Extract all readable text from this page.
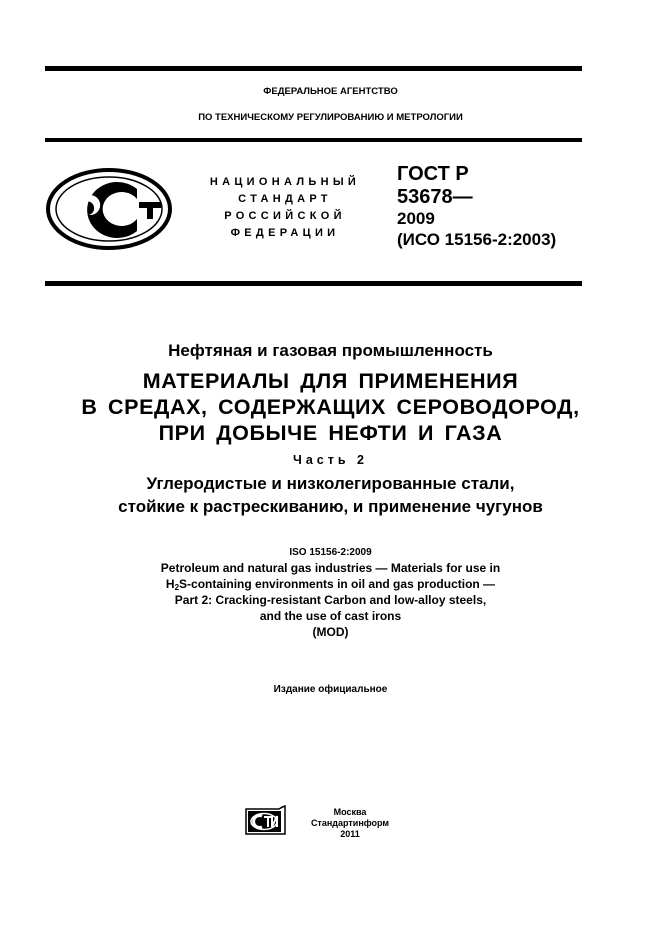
ФЕДЕРАЛЬНОЕ АГЕНТСТВО
ПО ТЕХНИЧЕСКОМУ РЕГУЛИРОВАНИЮ И МЕТРОЛОГИИ
НАЦИОНАЛЬНЫЙ
СТАНДАРТ
РОССИЙСКОЙ
ФЕДЕРАЦИИ
ГОСТ Р
53678—
2009
(ИСО 15156-2:2003)
Нефтяная и газовая промышленность
МАТЕРИАЛЫ ДЛЯ ПРИМЕНЕНИЯ
В СРЕДАХ, СОДЕРЖАЩИХ СЕРОВОДОРОД,
ПРИ ДОБЫЧЕ НЕФТИ И ГАЗА
Часть 2
Углеродистые и низколегированные стали,
стойкие к растрескиванию, и применение чугунов
ISO 15156-2:2009
Petroleum and natural gas industries — Materials for use in
$H_2S$-containing environments in oil and gas production —
Part 2: Cracking-resistant Carbon and low-alloy steels,
and the use of cast irons
(MOD)
Издание официальное
Москва
Стандартинформ
2011
